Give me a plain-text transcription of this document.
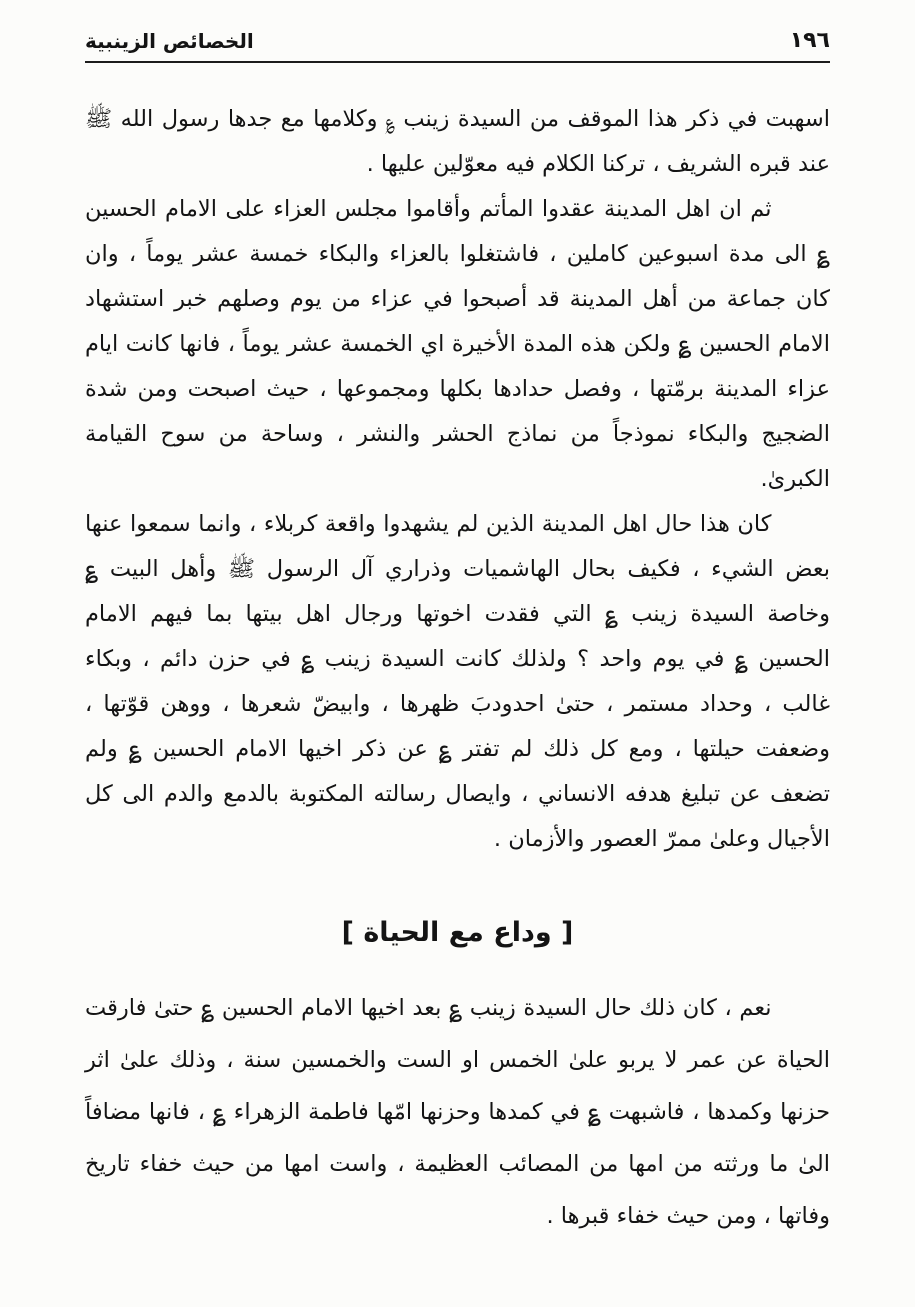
١٩٦
الخصائص الزينبية

اسهبت في ذكر هذا الموقف من السيدة زينب ؏ وكلامها مع جدها رسول الله ﷺ عند قبره الشريف ، تركنا الكلام فيه معوّلين عليها .

ثم ان اهل المدينة عقدوا المأتم وأقاموا مجلس العزاء على الامام الحسين ؏ الى مدة اسبوعين كاملين ، فاشتغلوا بالعزاء والبكاء خمسة عشر يوماً ، وان كان جماعة من أهل المدينة قد أصبحوا في عزاء من يوم وصلهم خبر استشهاد الامام الحسين ؏ ولكن هذه المدة الأخيرة اي الخمسة عشر يوماً ، فانها كانت ايام عزاء المدينة برمّتها ، وفصل حدادها بكلها ومجموعها ، حيث اصبحت ومن شدة الضجيج والبكاء نموذجاً من نماذج الحشر والنشر ، وساحة من سوح القيامة الكبرىٰ.

كان هذا حال اهل المدينة الذين لم يشهدوا واقعة كربلاء ، وانما سمعوا عنها بعض الشيء ، فكيف بحال الهاشميات وذراري آل الرسول ﷺ وأهل البيت ؏ وخاصة السيدة زينب ؏ التي فقدت اخوتها ورجال اهل بيتها بما فيهم الامام الحسين ؏ في يوم واحد ؟ ولذلك كانت السيدة زينب ؏ في حزن دائم ، وبكاء غالب ، وحداد مستمر ، حتىٰ احدودبَ ظهرها ، وابيضّ شعرها ، ووهن قوّتها ، وضعفت حيلتها ، ومع كل ذلك لم تفتر ؏ عن ذكر اخيها الامام الحسين ؏ ولم تضعف عن تبليغ هدفه الانساني ، وايصال رسالته المكتوبة بالدمع والدم الى كل الأجيال وعلىٰ ممرّ العصور والأزمان .

[ وداع مع الحياة ]

نعم ، كان ذلك حال السيدة زينب ؏ بعد اخيها الامام الحسين ؏ حتىٰ فارقت الحياة عن عمر لا يربو علىٰ الخمس او الست والخمسين سنة ، وذلك علىٰ اثر حزنها وكمدها ، فاشبهت ؏ في كمدها وحزنها امّها فاطمة الزهراء ؏ ، فانها مضافاً الىٰ ما ورثته من امها من المصائب العظيمة ، واست امها من حيث خفاء تاريخ وفاتها ، ومن حيث خفاء قبرها .
